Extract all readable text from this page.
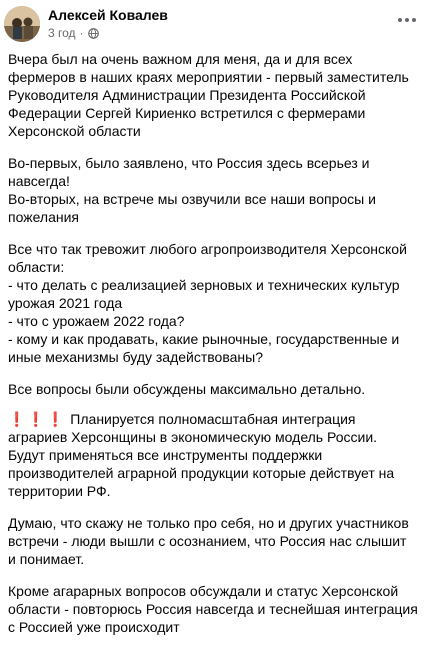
Алексей Ковалев
3 год ·

Вчера был на очень важном для меня, да и для всех фермеров в наших краях мероприятии - первый заместитель Руководителя Администрации Президента Российской Федерации Сергей Кириенко встретился с фермерами Херсонской области

Во-первых, было заявлено, что Россия здесь всерьез и навсегда!
Во-вторых, на встрече мы озвучили все наши вопросы и пожелания

Все что так тревожит любого агропроизводителя Херсонской области:
- что делать с реализацией зерновых и технических культур урожая 2021 года
- что с урожаем 2022 года?
- кому и как продавать, какие рыночные, государственные и иные механизмы буду задействованы?

Все вопросы были обсуждены максимально детально.

❗❗❗ Планируется полномасштабная интеграция аграриев Херсонщины в экономическую модель России.
Будут применяться все инструменты поддержки производителей аграрной продукции которые действует на территории РФ.

Думаю, что скажу не только про себя, но и других участников встречи - люди вышли с осознанием, что Россия нас слышит и понимает.

Кроме агарарных вопросов обсуждали и статус Херсонской области - повторюсь Россия навсегда и теснейшая интеграция с Россией уже происходит
